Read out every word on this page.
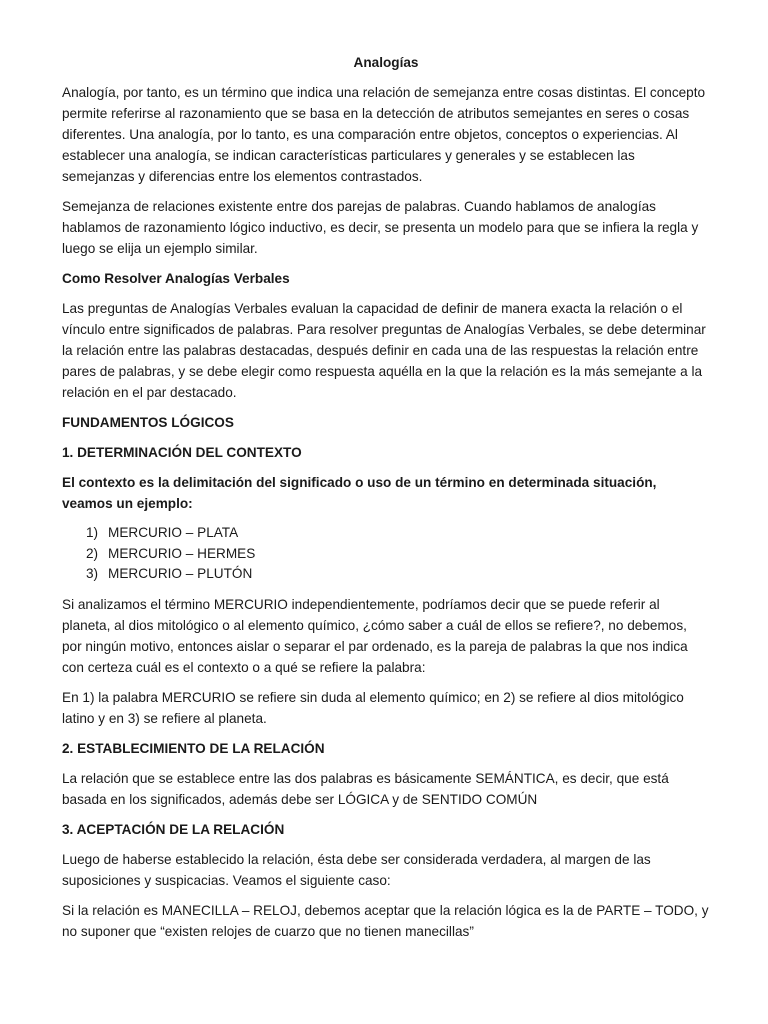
Analogías

Analogía, por tanto, es un término que indica una relación de semejanza entre cosas distintas. El concepto permite referirse al razonamiento que se basa en la detección de atributos semejantes en seres o cosas diferentes. Una analogía, por lo tanto, es una comparación entre objetos, conceptos o experiencias. Al establecer una analogía, se indican características particulares y generales y se establecen las semejanzas y diferencias entre los elementos contrastados.

Semejanza de relaciones existente entre dos parejas de palabras. Cuando hablamos de analogías hablamos de razonamiento lógico inductivo, es decir, se presenta un modelo para que se infiera la regla y luego se elija un ejemplo similar.

Como Resolver Analogías Verbales

Las preguntas de Analogías Verbales evaluan la capacidad de definir de manera exacta la relación o el vínculo entre significados de palabras. Para resolver preguntas de Analogías Verbales, se debe determinar la relación entre las palabras destacadas, después definir en cada una de las respuestas la relación entre pares de palabras, y se debe elegir como respuesta aquélla en la que la relación es la más semejante a la relación en el par destacado.

FUNDAMENTOS LÓGICOS
1. DETERMINACIÓN DEL CONTEXTO

El contexto es la delimitación del significado o uso de un término en determinada situación, veamos un ejemplo:

1) MERCURIO – PLATA
2) MERCURIO – HERMES
3) MERCURIO – PLUTÓN

Si analizamos el término MERCURIO independientemente, podríamos decir que se puede referir al planeta, al dios mitológico o al elemento químico, ¿cómo saber a cuál de ellos se refiere?, no debemos, por ningún motivo, entonces aislar o separar el par ordenado, es la pareja de palabras la que nos indica con certeza cuál es el contexto o a qué se refiere la palabra:

En 1) la palabra MERCURIO se refiere sin duda al elemento químico; en 2) se refiere al dios mitológico latino y en 3) se refiere al planeta.

2. ESTABLECIMIENTO DE LA RELACIÓN

La relación que se establece entre las dos palabras es básicamente SEMÁNTICA, es decir, que está basada en los significados, además debe ser LÓGICA y de SENTIDO COMÚN

3. ACEPTACIÓN DE LA RELACIÓN

Luego de haberse establecido la relación, ésta debe ser considerada verdadera, al margen de las suposiciones y suspicacias. Veamos el siguiente caso:

Si la relación es MANECILLA – RELOJ, debemos aceptar que la relación lógica es la de PARTE – TODO, y no suponer que “existen relojes de cuarzo que no tienen manecillas”
